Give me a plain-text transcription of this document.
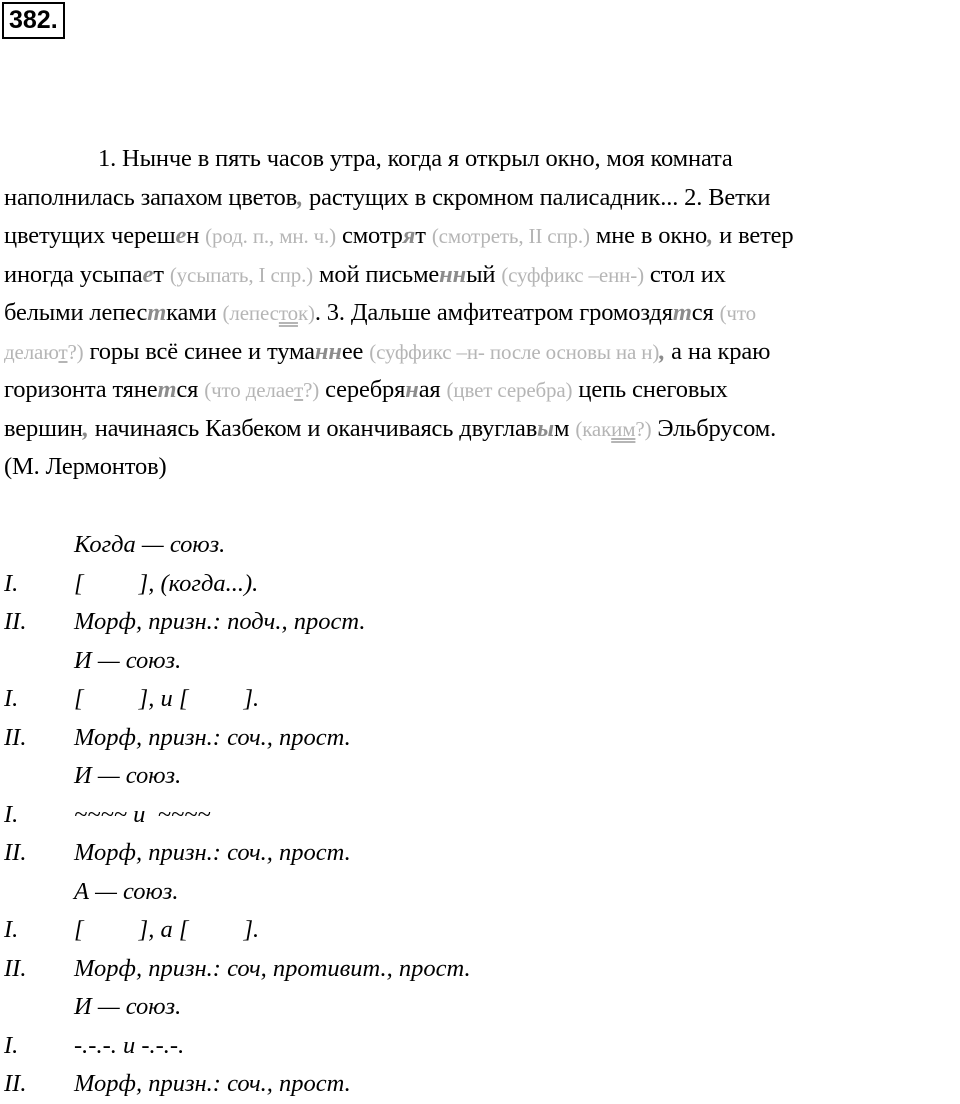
382.
1. Нынче в пять часов утра, когда я открыл окно, моя комната
наполнилась запахом цветов, растущих в скромном палисадник... 2. Ветки
цветущих черешен (род. п., мн. ч.) смотрят (смотреть, II спр.) мне в окно, и ветер
иногда усыпает (усыпать, I спр.) мой письменный (суффикс –енн-) стол их
белыми лепестками (лепесток). 3. Дальше амфитеатром громоздятся (что
делают?) горы всё синее и туманнее (суффикс –н- после основы на н), а на краю
горизонта тянется (что делает?) серебряная (цвет серебра) цепь снеговых
вершин, начинаясь Казбеком и оканчиваясь двуглавым (каким?) Эльбрусом.
(М. Лермонтов)
Когда — союз.
I. [         ], (когда...).
II. Морф, призн.: подч., прост.
И — союз.
I. [         ], и [         ].
II. Морф, призн.: соч., прост.
И — союз.
I. ~~~~ и  ~~~~
II. Морф, призн.: соч., прост.
А — союз.
I. [         ], а [         ].
II. Морф, призн.: соч, противит., прост.
И — союз.
I. -.-.-. и -.-.-.
II. Морф, призн.: соч., прост.
